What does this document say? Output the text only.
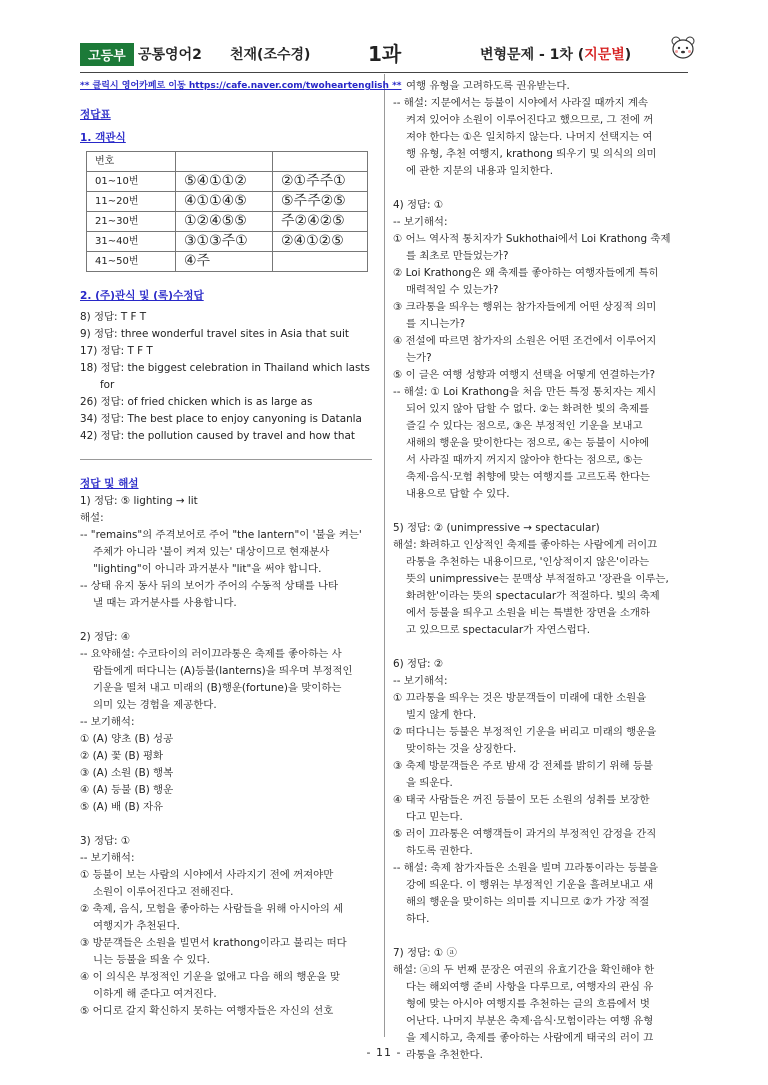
고등부 공통영어2 천재(조수경)	1과	변형문제 - 1차 (지문별)
** 클릭시 영어카페로 이동 https://cafe.naver.com/twoheartenglish **
정답표
1. 객관식
번호		
01~10번	⑤④①①②	②①주주①
11~20번	④①①④⑤	⑤주주②⑤
21~30번	①②④⑤⑤	주②④②⑤
31~40번	③①③주①	②④①②⑤
41~50번	④주	
2. (주)관식 및 (록)수정답
8) 정답: T F T
9) 정답: three wonderful travel sites in Asia that suit
17) 정답: T F T
18) 정답: the biggest celebration in Thailand which lasts
for
26) 정답: of fried chicken which is as large as
34) 정답: The best place to enjoy canyoning is Datanla
42) 정답: the pollution caused by travel and how that
정답 및 해설
1) 정답: ⑤ lighting → lit
해설:
-- "remains"의 주격보어로 주어 "the lantern"이 '불을 켜는'
주체가 아니라 '불이 켜져 있는' 대상이므로 현재분사
"lighting"이 아니라 과거분사 "lit"을 써야 합니다.
-- 상태 유지 동사 뒤의 보어가 주어의 수동적 상태를 나타
낼 때는 과거분사를 사용합니다.
2) 정답: ④
-- 요약해설: 수코타이의 러이끄라통은 축제를 좋아하는 사
람들에게 떠다니는 (A)등불(lanterns)을 띄우며 부정적인
기운을 떨쳐 내고 미래의 (B)행운(fortune)을 맞이하는
의미 있는 경험을 제공한다.
-- 보기해석:
① (A) 양초 (B) 성공
② (A) 꽃 (B) 평화
③ (A) 소원 (B) 행복
④ (A) 등불 (B) 행운
⑤ (A) 배 (B) 자유
3) 정답: ①
-- 보기해석:
① 등불이 보는 사람의 시야에서 사라지기 전에 꺼져야만
소원이 이루어진다고 전해진다.
② 축제, 음식, 모험을 좋아하는 사람들을 위해 아시아의 세
여행지가 추천된다.
③ 방문객들은 소원을 빌면서 krathong이라고 불리는 떠다
니는 등불을 띄울 수 있다.
④ 이 의식은 부정적인 기운을 없애고 다음 해의 행운을 맞
이하게 해 준다고 여겨진다.
⑤ 어디로 갈지 확신하지 못하는 여행자들은 자신의 선호
여행 유형을 고려하도록 권유받는다.
-- 해설: 지문에서는 등불이 시야에서 사라질 때까지 계속
켜져 있어야 소원이 이루어진다고 했으므로, 그 전에 꺼
져야 한다는 ①은 일치하지 않는다. 나머지 선택지는 여
행 유형, 추천 여행지, krathong 띄우기 및 의식의 의미
에 관한 지문의 내용과 일치한다.
4) 정답: ①
-- 보기해석:
① 어느 역사적 통치자가 Sukhothai에서 Loi Krathong 축제
를 최초로 만들었는가?
② Loi Krathong은 왜 축제를 좋아하는 여행자들에게 특히
매력적일 수 있는가?
③ 크라통을 띄우는 행위는 참가자들에게 어떤 상징적 의미
를 지니는가?
④ 전설에 따르면 참가자의 소원은 어떤 조건에서 이루어지
는가?
⑤ 이 글은 여행 성향과 여행지 선택을 어떻게 연결하는가?
-- 해설: ① Loi Krathong을 처음 만든 특정 통치자는 제시
되어 있지 않아 답할 수 없다. ②는 화려한 빛의 축제를
즐길 수 있다는 점으로, ③은 부정적인 기운을 보내고
새해의 행운을 맞이한다는 점으로, ④는 등불이 시야에
서 사라질 때까지 꺼지지 않아야 한다는 점으로, ⑤는
축제·음식·모험 취향에 맞는 여행지를 고르도록 한다는
내용으로 답할 수 있다.
5) 정답: ② (unimpressive → spectacular)
해설: 화려하고 인상적인 축제를 좋아하는 사람에게 러이끄
라통을 추천하는 내용이므로, '인상적이지 않은'이라는
뜻의 unimpressive는 문맥상 부적절하고 '장관을 이루는,
화려한'이라는 뜻의 spectacular가 적절하다. 빛의 축제
에서 등불을 띄우고 소원을 비는 특별한 장면을 소개하
고 있으므로 spectacular가 자연스럽다.
6) 정답: ②
-- 보기해석:
① 끄라통을 띄우는 것은 방문객들이 미래에 대한 소원을
빌지 않게 한다.
② 떠다니는 등불은 부정적인 기운을 버리고 미래의 행운을
맞이하는 것을 상징한다.
③ 축제 방문객들은 주로 밤새 강 전체를 밝히기 위해 등불
을 띄운다.
④ 태국 사람들은 꺼진 등불이 모든 소원의 성취를 보장한
다고 믿는다.
⑤ 러이 끄라통은 여행객들이 과거의 부정적인 감정을 간직
하도록 권한다.
-- 해설: 축제 참가자들은 소원을 빌며 끄라통이라는 등불을
강에 띄운다. 이 행위는 부정적인 기운을 흘려보내고 새
해의 행운을 맞이하는 의미를 지니므로 ②가 가장 적절
하다.
7) 정답: ① ⓐ
해설: ⓐ의 두 번째 문장은 여권의 유효기간을 확인해야 한
다는 해외여행 준비 사항을 다루므로, 여행자의 관심 유
형에 맞는 아시아 여행지를 추천하는 글의 흐름에서 벗
어난다. 나머지 부분은 축제·음식·모험이라는 여행 유형
을 제시하고, 축제를 좋아하는 사람에게 태국의 러이 끄
라통을 추천한다.
- 11 -
